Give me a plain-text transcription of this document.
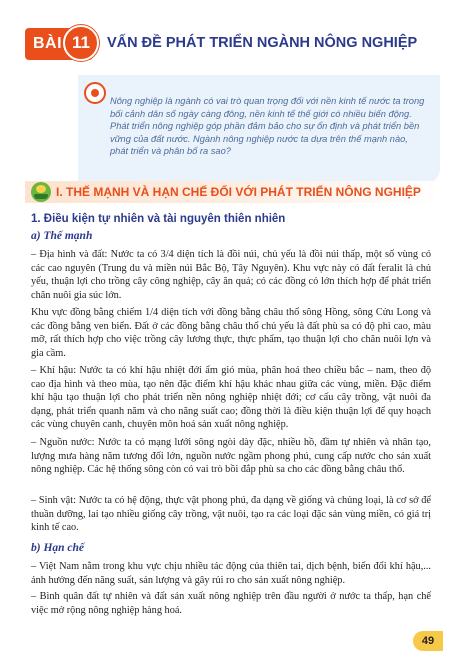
BÀI 11	VẤN ĐỀ PHÁT TRIỂN NGÀNH NÔNG NGHIỆP
Nông nghiệp là ngành có vai trò quan trọng đối với nền kinh tế nước ta trong bối cảnh dân số ngày càng đông, nền kinh tế thế giới có nhiều biến động. Phát triển nông nghiệp góp phần đảm bảo cho sự ổn định và phát triển bền vững của đất nước. Ngành nông nghiệp nước ta dựa trên thế mạnh nào, phát triển và phân bố ra sao?
I. THẾ MẠNH VÀ HẠN CHẾ ĐỐI VỚI PHÁT TRIỂN NÔNG NGHIỆP
1. Điều kiện tự nhiên và tài nguyên thiên nhiên
a) Thế mạnh
– Địa hình và đất: Nước ta có 3/4 diện tích là đồi núi, chủ yếu là đồi núi thấp, một số vùng có các cao nguyên (Trung du và miền núi Bắc Bộ, Tây Nguyên). Khu vực này có đất feralit là chủ yếu, thuận lợi cho trồng cây công nghiệp, cây ăn quả; có các đồng cỏ lớn thích hợp để phát triển chăn nuôi gia súc lớn.
Khu vực đồng bằng chiếm 1/4 diện tích với đồng bằng châu thổ sông Hồng, sông Cửu Long và các đồng bằng ven biển. Đất ở các đồng bằng châu thổ chủ yếu là đất phù sa có độ phì cao, màu mỡ, rất thích hợp cho việc trồng cây lương thực, thực phẩm, tạo thuận lợi cho chăn nuôi lợn và gia cầm.
– Khí hậu: Nước ta có khí hậu nhiệt đới ẩm gió mùa, phân hoá theo chiều bắc – nam, theo độ cao địa hình và theo mùa, tạo nên đặc điểm khí hậu khác nhau giữa các vùng, miền. Đặc điểm khí hậu tạo thuận lợi cho phát triển nền nông nghiệp nhiệt đới; cơ cấu cây trồng, vật nuôi đa dạng, phát triển quanh năm và cho năng suất cao; đồng thời là điều kiện thuận lợi để quy hoạch các vùng chuyên canh, chuyên môn hoá sản xuất nông nghiệp.
– Nguồn nước: Nước ta có mạng lưới sông ngòi dày đặc, nhiều hồ, đầm tự nhiên và nhân tạo, lượng mưa hàng năm tương đối lớn, nguồn nước ngầm phong phú, cung cấp nước cho sản xuất nông nghiệp. Các hệ thống sông còn có vai trò bồi đắp phù sa cho các đồng bằng châu thổ.
– Sinh vật: Nước ta có hệ động, thực vật phong phú, đa dạng về giống và chủng loại, là cơ sở để thuần dưỡng, lai tạo nhiều giống cây trồng, vật nuôi, tạo ra các loại đặc sản vùng miền, có giá trị kinh tế cao.
b) Hạn chế
– Việt Nam nằm trong khu vực chịu nhiều tác động của thiên tai, dịch bệnh, biến đổi khí hậu,... ảnh hưởng đến năng suất, sản lượng và gây rủi ro cho sản xuất nông nghiệp.
– Bình quân đất tự nhiên và đất sản xuất nông nghiệp trên đầu người ở nước ta thấp, hạn chế việc mở rộng nông nghiệp hàng hoá.
49
